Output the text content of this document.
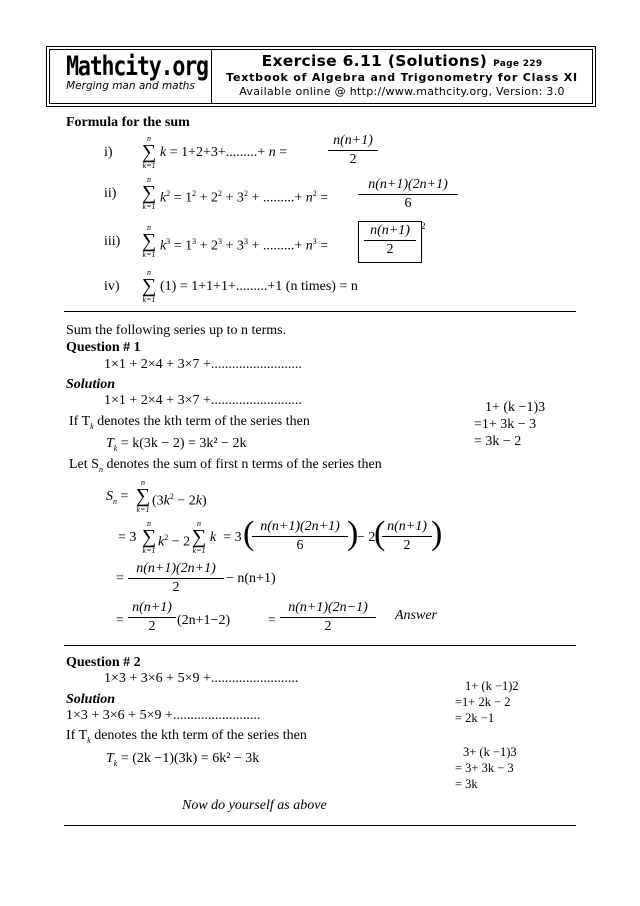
Mathcity.org
Merging man and maths
Exercise 6.11 (Solutions) Page 229
Textbook of Algebra and Trigonometry for Class XI
Available online @ http://www.mathcity.org, Version: 3.0
Formula for the sum
i)
n
∑
k=1
k = 1+2+3+.........+ n =	$\frac{n(n+1)}{2}$
ii)
n
∑
k=1
$k^2 = 1^2 + 2^2 + 3^2$ + .........+ $n^2 = \frac{n(n+1)(2n+1)}{6}$
iii)
n
∑
k=1
$k^3 = 1^3 + 2^3 + 3^3$ + .........+ $n^3$ =	$\frac{n(n+1)}{2} 2$
iv)
n
∑
k=1
(1) = 1+1+1+.........+1 (n times) = n
Sum the following series up to n terms.
Question # 1
1×1 + 2×4 + 3×7 +..........................
Solution
1×1 + 2×4 + 3×7 +..........................
If $T_k$ denotes the kth term of the series then
$T_k = k(3k - 2) = 3k^2 - 2k$
Let $S_n$ denotes the sum of first n terms of the series then
1+ (k −1)3
=1+ 3k − 3
= 3k − 2
$S_n$ =
n
∑
k=1
$(3k^2 - 2k)$
= 3
n
∑
k=1
$k^2 - 2$
n
∑
k=1
k  = 3 (
$\frac{n(n+1)(2n+1)}{6}$ )
− 2
(
$\frac{n(n+1)}{2}$ )
= $\frac{n(n+1)(2n+1)}{2} - n(n+1)$
= $\frac{n(n+1)}{2} (2n+1-2)$	= $\frac{n(n+1)(2n-1)}{2}$ Answer
Question # 2
1×3 + 3×6 + 5×9 +.........................
Solution
1×3 + 3×6 + 5×9 +.........................
If $T_k$ denotes the kth term of the series then
$T_k = (2k -1)(3k) = 6k^2 - 3k$
1+ (k −1)2
=1+ 2k − 2
= 2k −1
3+ (k −1)3
= 3+ 3k − 3
= 3k
Now do yourself as above
